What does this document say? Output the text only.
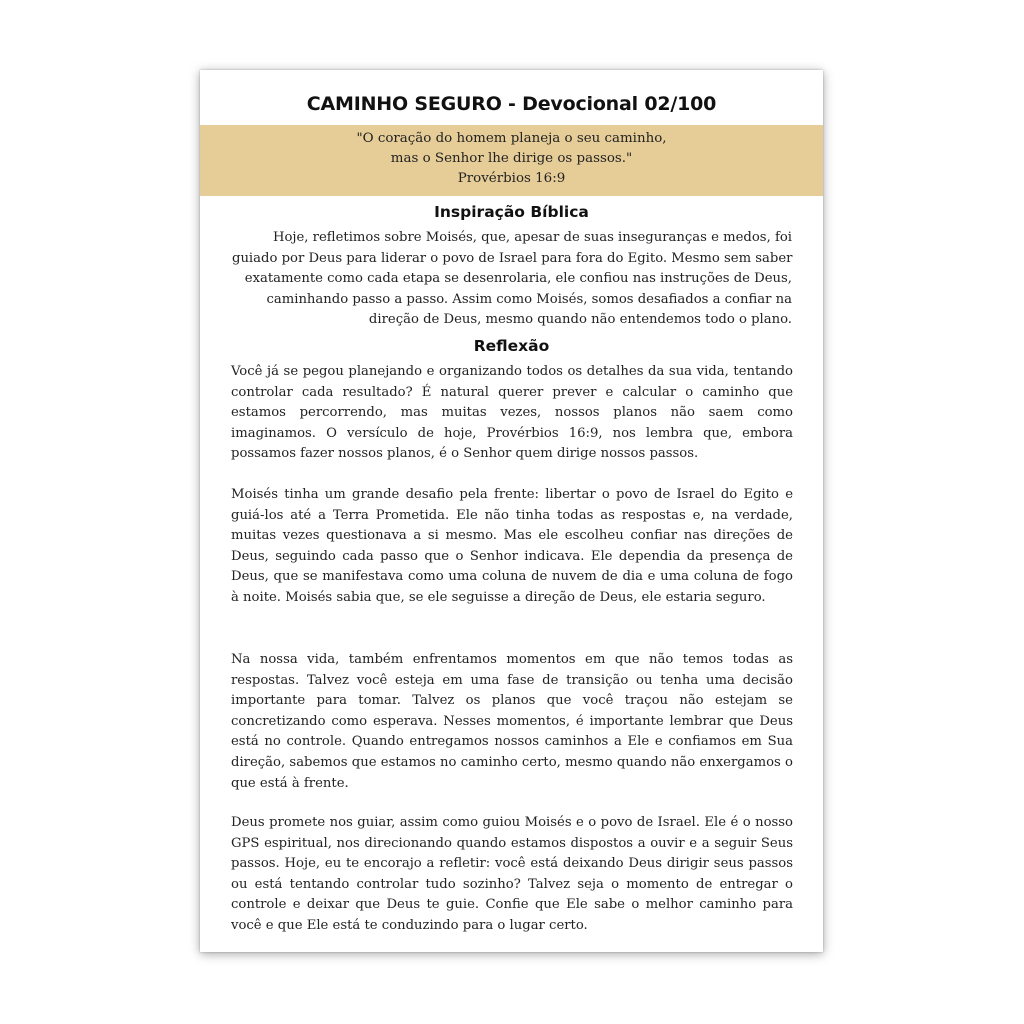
CAMINHO SEGURO - Devocional 02/100
"O coração do homem planeja o seu caminho,
mas o Senhor lhe dirige os passos."
Provérbios 16:9
Inspiração Bíblica
Hoje, refletimos sobre Moisés, que, apesar de suas inseguranças e medos, foi
guiado por Deus para liderar o povo de Israel para fora do Egito. Mesmo sem saber
exatamente como cada etapa se desenrolaria, ele confiou nas instruções de Deus,
caminhando passo a passo. Assim como Moisés, somos desafiados a confiar na
direção de Deus, mesmo quando não entendemos todo o plano.
Reflexão
Você já se pegou planejando e organizando todos os detalhes da sua vida, tentando controlar cada resultado? É natural querer prever e calcular o caminho que estamos percorrendo, mas muitas vezes, nossos planos não saem como imaginamos. O versículo de hoje, Provérbios 16:9, nos lembra que, embora possamos fazer nossos planos, é o Senhor quem dirige nossos passos.
Moisés tinha um grande desafio pela frente: libertar o povo de Israel do Egito e guiá-los até a Terra Prometida. Ele não tinha todas as respostas e, na verdade, muitas vezes questionava a si mesmo. Mas ele escolheu confiar nas direções de Deus, seguindo cada passo que o Senhor indicava. Ele dependia da presença de Deus, que se manifestava como uma coluna de nuvem de dia e uma coluna de fogo à noite. Moisés sabia que, se ele seguisse a direção de Deus, ele estaria seguro.
Na nossa vida, também enfrentamos momentos em que não temos todas as respostas. Talvez você esteja em uma fase de transição ou tenha uma decisão importante para tomar. Talvez os planos que você traçou não estejam se concretizando como esperava. Nesses momentos, é importante lembrar que Deus está no controle. Quando entregamos nossos caminhos a Ele e confiamos em Sua direção, sabemos que estamos no caminho certo, mesmo quando não enxergamos o que está à frente.
Deus promete nos guiar, assim como guiou Moisés e o povo de Israel. Ele é o nosso GPS espiritual, nos direcionando quando estamos dispostos a ouvir e a seguir Seus passos. Hoje, eu te encorajo a refletir: você está deixando Deus dirigir seus passos ou está tentando controlar tudo sozinho? Talvez seja o momento de entregar o controle e deixar que Deus te guie. Confie que Ele sabe o melhor caminho para você e que Ele está te conduzindo para o lugar certo.
